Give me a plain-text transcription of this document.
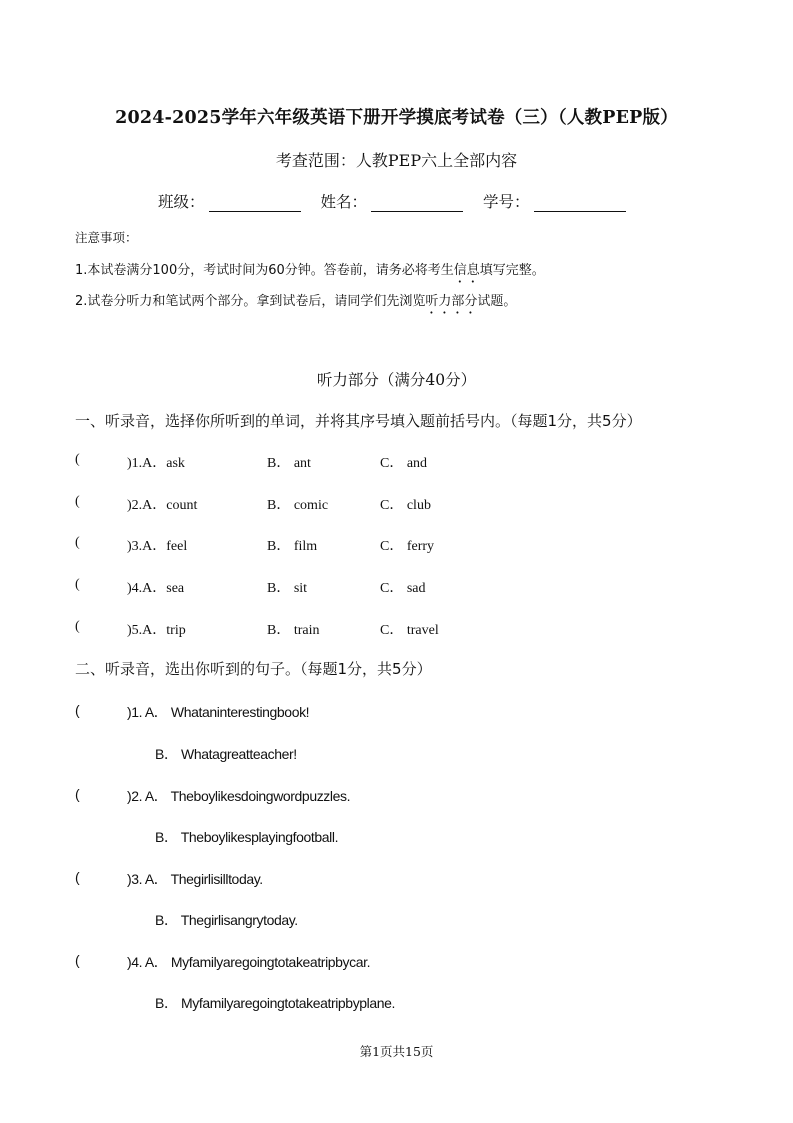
2024-2025学年六年级英语下册开学摸底考试卷（三）（人教PEP版）
考查范围：人教PEP六上全部内容
班级：	姓名：	学号：
注意事项：
1.本试卷满分100分，考试时间为60分钟。答卷前，请务必将考生信息填写完整。
2.试卷分听力和笔试两个部分。拿到试卷后，请同学们先浏览听力部分试题。
听力部分（满分40分）
一、听录音，选择你所听到的单词，并将其序号填入题前括号内。（每题1分，共5分）
(	)1.A．ask	B． ant	C． and
(	)2.A．count	B． comic	C． club
(	)3.A．feel	B． film	C． ferry
(	)4.A．sea	B． sit	C． sad
(	)5.A．trip	B． train	C． travel
二、听录音，选出你听到的句子。（每题1分，共5分）
(	)1. A． Whataninterestingbook!
B． Whatagreatteacher!
(	)2. A． Theboylikesdoingwordpuzzles.
B． Theboylikesplayingfootball.
(	)3. A． Thegirlisilltoday.
B． Thegirlisangrytoday.
(	)4. A． Myfamilyaregoingtotakeatripbycar.
B． Myfamilyaregoingtotakeatripbyplane.
第1页共15页
